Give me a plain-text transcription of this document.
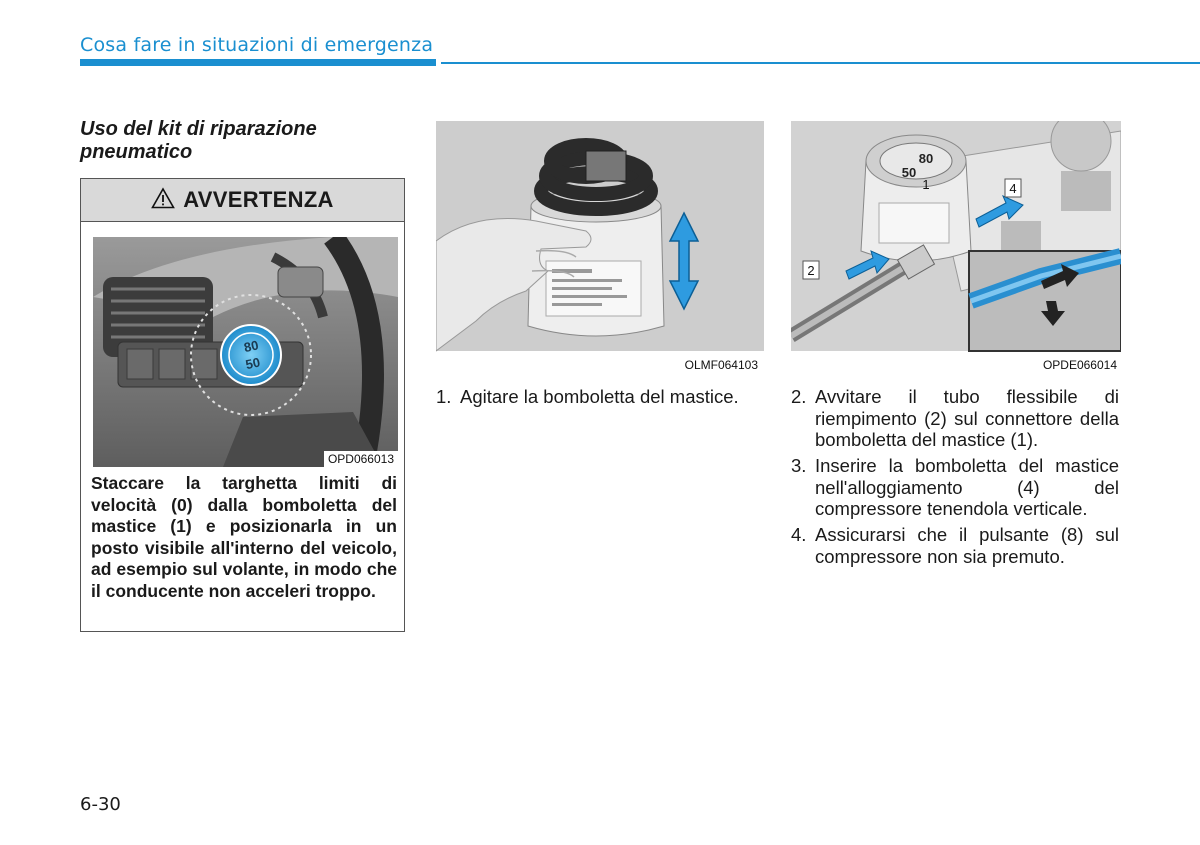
Cosa fare in situazioni di emergenza
Uso del kit di riparazione pneumatico
AVVERTENZA
80
50
OPD066013
Staccare la targhetta limiti di velocità (0) dalla bomboletta del mastice (1) e posizionarla in un posto visibile all'interno del veicolo, ad esempio sul volante, in modo che il conducente non acceleri troppo.
OLMF064103
80
50
2
4
1
OPDE066014
1. Agitare la bomboletta del mastice.	2. Avvitare il tubo flessibile di riempimento (2) sul connettore della bomboletta del mastice (1).
3. Inserire la bomboletta del mastice nell'alloggiamento (4) del compressore tenendola verticale.
4. Assicurarsi che il pulsante (8) sul compressore non sia premuto.
6-30
